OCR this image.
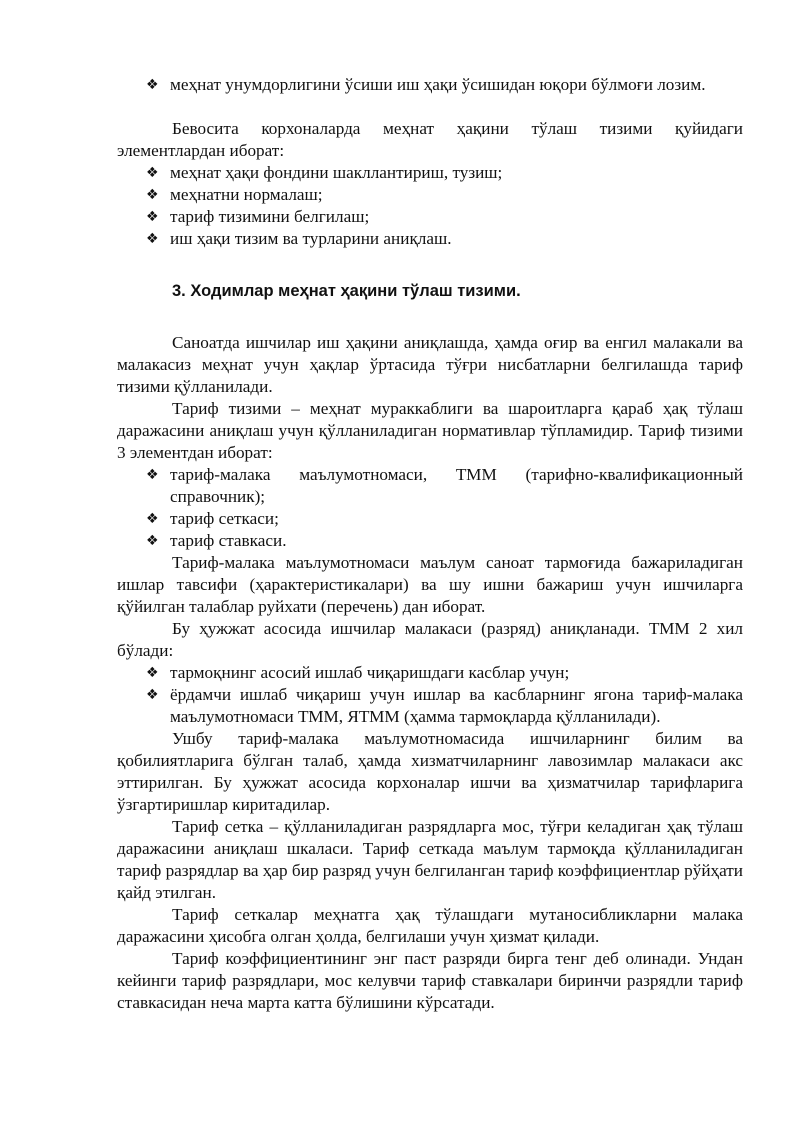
❖ меҳнат унумдорлигини ўсиши иш ҳақи ўсишидан юқори бўлмоғи лозим.

Бевосита корхоналарда меҳнат ҳақини тўлаш тизими қуйидаги элементлардан иборат:

❖ меҳнат ҳақи фондини шакллантириш, тузиш;
❖ меҳнатни нормалаш;
❖ тариф тизимини белгилаш;
❖ иш ҳақи тизим ва турларини аниқлаш.
3. Ходимлар меҳнат ҳақини тўлаш тизими.

Саноатда ишчилар иш ҳақини аниқлашда, ҳамда оғир ва енгил малакали ва малакасиз меҳнат учун ҳақлар ўртасида тўғри нисбатларни белгилашда тариф тизими қўлланилади.

Тариф тизими – меҳнат мураккаблиги ва шароитларга қараб ҳақ тўлаш даражасини аниқлаш учун қўлланиладиган нормативлар тўпламидир. Тариф тизими 3 элементдан иборат:

❖ тариф-малака маълумотномаси, ТММ (тарифно-квалификационный справочник);
❖ тариф сеткаси;
❖ тариф ставкаси.

Тариф-малака маълумотномаси маълум саноат тармоғида бажариладиган ишлар тавсифи (ҳарактеристикалари) ва шу ишни бажариш учун ишчиларга қўйилган талаблар руйхати (перечень) дан иборат.

Бу ҳужжат асосида ишчилар малакаси (разряд) аниқланади. ТММ 2 хил бўлади:

❖ тармоқнинг асосий ишлаб чиқаришдаги касблар учун;
❖ ёрдамчи ишлаб чиқариш учун ишлар ва касбларнинг ягона тариф-малака маълумотномаси ТММ, ЯТММ (ҳамма тармоқларда қўлланилади).

Ушбу тариф-малака маълумотномасида ишчиларнинг билим ва қобилиятларига бўлган талаб, ҳамда хизматчиларнинг лавозимлар малакаси акс эттирилган. Бу ҳужжат асосида корхоналар ишчи ва ҳизматчилар тарифларига ўзгартиришлар киритадилар.

Тариф сетка – қўлланиладиган разрядларга мос, тўғри келадиган ҳақ тўлаш даражасини аниқлаш шкаласи. Тариф сеткада маълум тармоқда қўлланиладиган тариф разрядлар ва ҳар бир разряд учун белгиланган тариф коэффициентлар рўйҳати қайд этилган.

Тариф сеткалар меҳнатга ҳақ тўлашдаги мутаносибликларни малака даражасини ҳисобга олган ҳолда, белгилаши учун ҳизмат қилади.

Тариф коэффициентининг энг паст разряди бирга тенг деб олинади. Ундан кейинги тариф разрядлари, мос келувчи тариф ставкалари биринчи разрядли тариф ставкасидан неча марта катта бўлишини кўрсатади.
